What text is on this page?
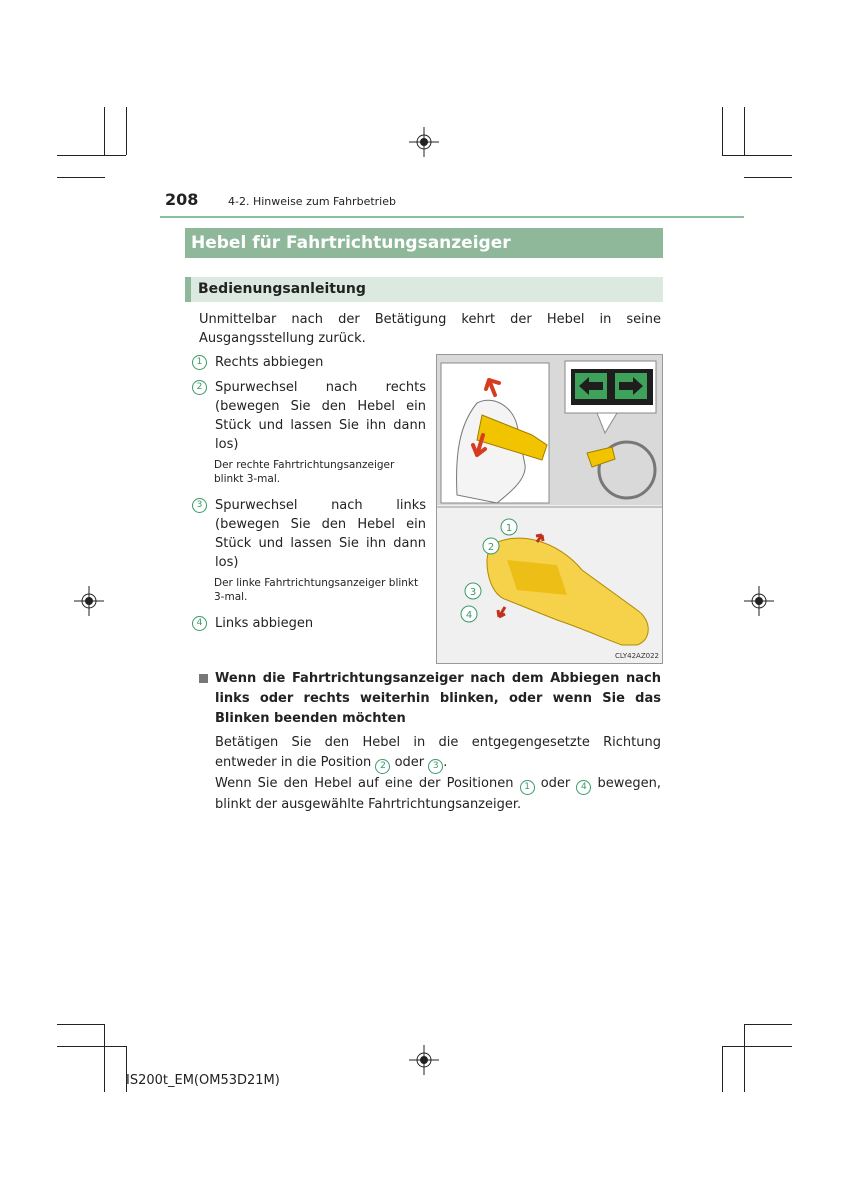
208	4-2. Hinweise zum Fahrbetrieb
Hebel für Fahrtrichtungsanzeiger
Bedienungsanleitung
Unmittelbar nach der Betätigung kehrt der Hebel in seine Ausgangsstellung zurück.
1 Rechts abbiegen
2 Spurwechsel nach rechts (bewegen Sie den Hebel ein Stück und lassen Sie ihn dann los)
Der rechte Fahrtrichtungsanzeiger blinkt 3-mal.
3 Spurwechsel nach links (bewegen Sie den Hebel ein Stück und lassen Sie ihn dann los)
Der linke Fahrtrichtungsanzeiger blinkt 3-mal.
4 Links abbiegen
1
2
3
4
CLY42AZ022
Wenn die Fahrtrichtungsanzeiger nach dem Abbiegen nach links oder rechts weiterhin blinken, oder wenn Sie das Blinken beenden möchten
Betätigen Sie den Hebel in die entgegengesetzte Richtung entweder in die Position 2 oder 3 .
Wenn Sie den Hebel auf eine der Positionen 1 oder 4 bewegen, blinkt der ausgewählte Fahrtrichtungsanzeiger.
IS200t_EM(OM53D21M)
